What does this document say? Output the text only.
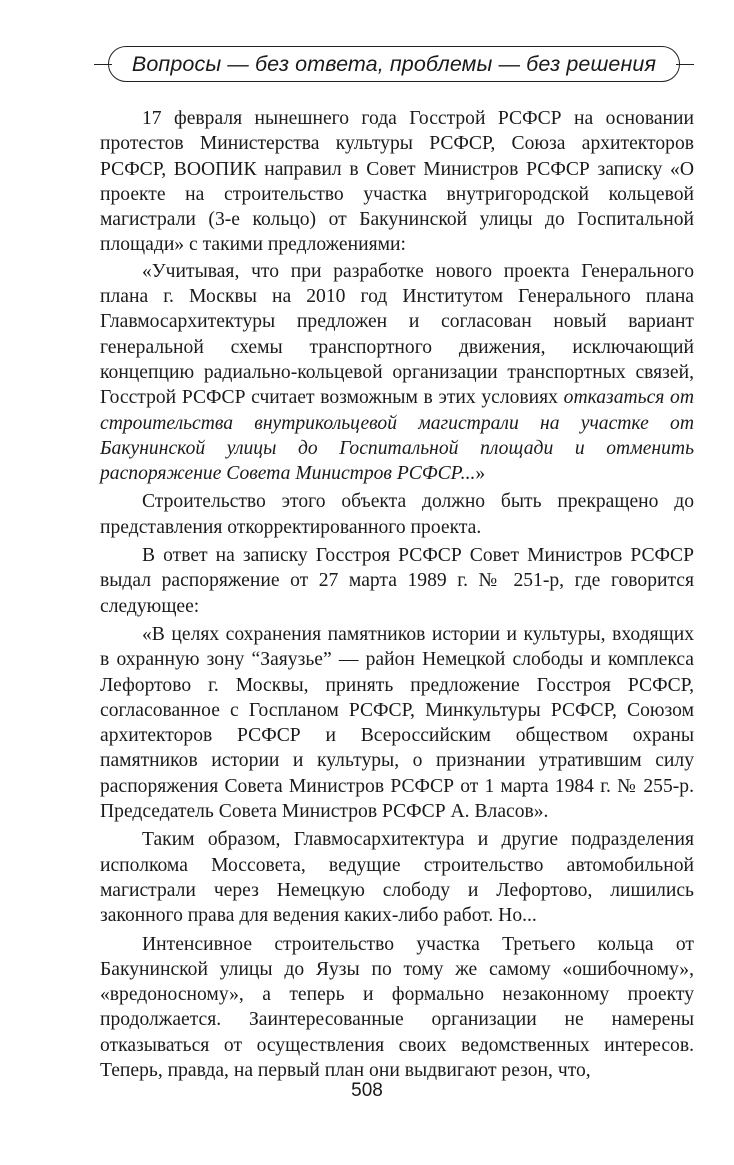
Вопросы — без ответа, проблемы — без решения

17 февраля нынешнего года Госстрой РСФСР на основании протестов Министерства культуры РСФСР, Союза архитекторов РСФСР, ВООПИК направил в Совет Министров РСФСР записку «О проекте на строительство участка внутригородской кольцевой магистрали (3-е кольцо) от Бакунинской улицы до Госпитальной площади» с такими предложениями:

«Учитывая, что при разработке нового проекта Генерального плана г. Москвы на 2010 год Институтом Генерального плана Главмосархитектуры предложен и согласован новый вариант генеральной схемы транспортного движения, исключающий концепцию радиально-кольцевой организации транспортных связей, Госстрой РСФСР считает возможным в этих условиях отказаться от строительства внутрикольцевой магистрали на участке от Бакунинской улицы до Госпитальной площади и отменить распоряжение Совета Министров РСФСР...»

Строительство этого объекта должно быть прекращено до представления откорректированного проекта.

В ответ на записку Госстроя РСФСР Совет Министров РСФСР выдал распоряжение от 27 марта 1989 г. № 251-р, где говорится следующее:

«В целях сохранения памятников истории и культуры, входящих в охранную зону “Заяузье” — район Немецкой слободы и комплекса Лефортово г. Москвы, принять предложение Госстроя РСФСР, согласованное с Госпланом РСФСР, Минкультуры РСФСР, Союзом архитекторов РСФСР и Всероссийским обществом охраны памятников истории и культуры, о признании утратившим силу распоряжения Совета Министров РСФСР от 1 марта 1984 г. № 255-р. Председатель Совета Министров РСФСР А. Власов».

Таким образом, Главмосархитектура и другие подразделения исполкома Моссовета, ведущие строительство автомобильной магистрали через Немецкую слободу и Лефортово, лишились законного права для ведения каких-либо работ. Но...

Интенсивное строительство участка Третьего кольца от Бакунинской улицы до Яузы по тому же самому «ошибочному», «вредоносному», а теперь и формально незаконному проекту продолжается. Заинтересованные организации не намерены отказываться от осуществления своих ведомственных интересов. Теперь, правда, на первый план они выдвигают резон, что,

508
